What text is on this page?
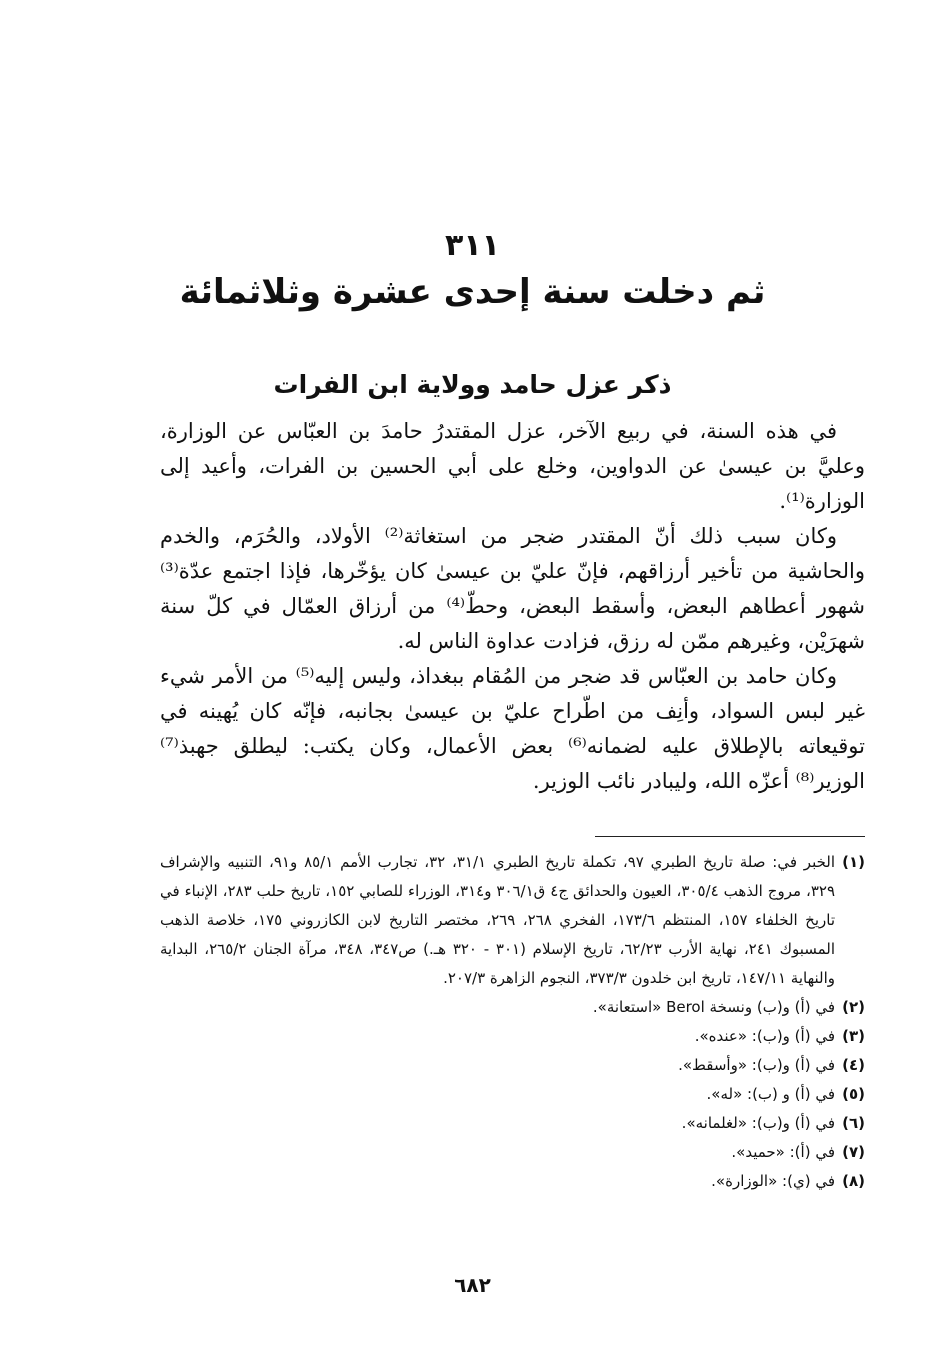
٣١١
ثم دخلت سنة إحدى عشرة وثلاثمائة
ذكر عزل حامد وولاية ابن الفرات

في هذه السنة، في ربيع الآخر، عزل المقتدرُ حامدَ بن العبّاس عن الوزارة، وعليَّ بن عيسىٰ عن الدواوين، وخلع على أبي الحسين بن الفرات، وأعيد إلى الوزارة⁽¹⁾.

وكان سبب ذلك أنّ المقتدر ضجر من استغاثة⁽²⁾ الأولاد، والحُرَم، والخدم والحاشية من تأخير أرزاقهم، فإنّ عليّ بن عيسىٰ كان يؤخّرها، فإذا اجتمع عدّة⁽³⁾ شهور أعطاهم البعض، وأسقط البعض، وحطّ⁽⁴⁾ من أرزاق العمّال في كلّ سنة شهرَيْن، وغيرهم ممّن له رزق، فزادت عداوة الناس له.

وكان حامد بن العبّاس قد ضجر من المُقام ببغداذ، وليس إليه⁽⁵⁾ من الأمر شيء غير لبس السواد، وأنِف من اطّراح عليّ بن عيسىٰ بجانبه، فإنّه كان يُهينه في توقيعاته بالإطلاق عليه لضمانه⁽⁶⁾ بعض الأعمال، وكان يكتب: ليطلق جهبذ⁽⁷⁾ الوزير⁽⁸⁾ أعزّه الله، وليبادر نائب الوزير.

(١)
الخبر في: صلة تاريخ الطبري ٩٧، تكملة تاريخ الطبري ٣١/١، ٣٢، تجارب الأمم ٨٥/١ و٩١، التنبيه والإشراف ٣٢٩، مروج الذهب ٣٠٥/٤، العيون والحدائق ج٤ ق٣٠٦/١ و٣١٤، الوزراء للصابي ١٥٢، تاريخ حلب ٢٨٣، الإنباء في تاريخ الخلفاء ١٥٧، المنتظم ١٧٣/٦، الفخري ٢٦٨، ٢٦٩، مختصر التاريخ لابن الكازروني ١٧٥، خلاصة الذهب المسبوك ٢٤١، نهاية الأرب ٦٢/٢٣، تاريخ الإسلام (٣٠١ - ٣٢٠ هـ.) ص٣٤٧، ٣٤٨، مرآة الجنان ٢٦٥/٢، البداية والنهاية ١٤٧/١١، تاريخ ابن خلدون ٣٧٣/٣، النجوم الزاهرة ٢٠٧/٣.
(٢)
في (أ) و(ب) ونسخة Berol «استعانة».
(٣)
في (أ) و(ب): «عنده».
(٤)
في (أ) و(ب): «وأسقط».
(٥)
في (أ) و (ب): «له».
(٦)
في (أ) و(ب): «لغلمانه».
(٧)
في (أ): «حميد».
(٨)
في (ي): «الوزارة».
٦٨٢
